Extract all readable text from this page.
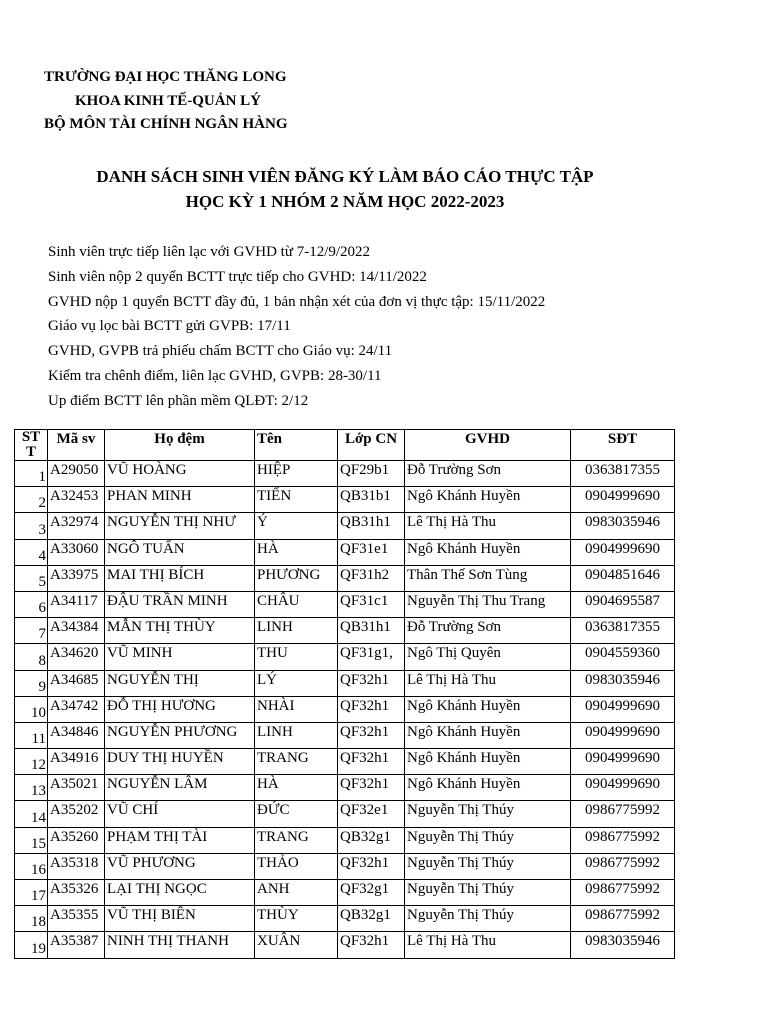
TRƯỜNG ĐẠI HỌC THĂNG LONG
KHOA KINH TẾ-QUẢN LÝ
BỘ MÔN TÀI CHÍNH NGÂN HÀNG
DANH SÁCH SINH VIÊN ĐĂNG KÝ LÀM BÁO CÁO THỰC TẬP
HỌC KỲ 1 NHÓM 2 NĂM HỌC 2022-2023
Sinh viên trực tiếp liên lạc với GVHD từ 7-12/9/2022
Sinh viên nộp 2 quyển BCTT trực tiếp cho GVHD: 14/11/2022
GVHD nộp 1 quyển BCTT đầy đủ, 1 bản nhận xét của đơn vị thực tập: 15/11/2022
Giáo vụ lọc bài BCTT gửi GVPB: 17/11
GVHD, GVPB trả phiếu chấm BCTT cho Giáo vụ: 24/11
Kiểm tra chênh điểm, liên lạc GVHD, GVPB: 28-30/11
Up điểm BCTT lên phần mềm QLĐT: 2/12
STT	Mã sv	Họ đệm	Tên	Lớp CN	GVHD	SĐT
1	A29050	VŨ HOÀNG	HIỆP	QF29b1	Đỗ Trường Sơn	0363817355
2	A32453	PHAN MINH	TIẾN	QB31b1	Ngô Khánh Huyền	0904999690
3	A32974	NGUYỄN THỊ NHƯ	Ý	QB31h1	Lê Thị Hà Thu	0983035946
4	A33060	NGÔ TUẤN	HÀ	QF31e1	Ngô Khánh Huyền	0904999690
5	A33975	MAI THỊ BÍCH	PHƯƠNG	QF31h2	Thân Thế Sơn Tùng	0904851646
6	A34117	ĐẬU TRẦN MINH	CHÂU	QF31c1	Nguyễn Thị Thu Trang	0904695587
7	A34384	MẪN THỊ THÙY	LINH	QB31h1	Đỗ Trường Sơn	0363817355
8	A34620	VŨ MINH	THU	QF31g1,	Ngô Thị Quyên	0904559360
9	A34685	NGUYỄN THỊ	LÝ	QF32h1	Lê Thị Hà Thu	0983035946
10	A34742	ĐỖ THỊ HƯƠNG	NHÀI	QF32h1	Ngô Khánh Huyền	0904999690
11	A34846	NGUYỄN PHƯƠNG	LINH	QF32h1	Ngô Khánh Huyền	0904999690
12	A34916	DUY THỊ HUYỀN	TRANG	QF32h1	Ngô Khánh Huyền	0904999690
13	A35021	NGUYỄN LÂM	HÀ	QF32h1	Ngô Khánh Huyền	0904999690
14	A35202	VŨ CHÍ	ĐỨC	QF32e1	Nguyễn Thị Thúy	0986775992
15	A35260	PHẠM THỊ TÀI	TRANG	QB32g1	Nguyễn Thị Thúy	0986775992
16	A35318	VŨ PHƯƠNG	THẢO	QF32h1	Nguyễn Thị Thúy	0986775992
17	A35326	LẠI THỊ NGỌC	ANH	QF32g1	Nguyễn Thị Thúy	0986775992
18	A35355	VŨ THỊ BIÊN	THÙY	QB32g1	Nguyễn Thị Thúy	0986775992
19	A35387	NINH THỊ THANH	XUÂN	QF32h1	Lê Thị Hà Thu	0983035946
